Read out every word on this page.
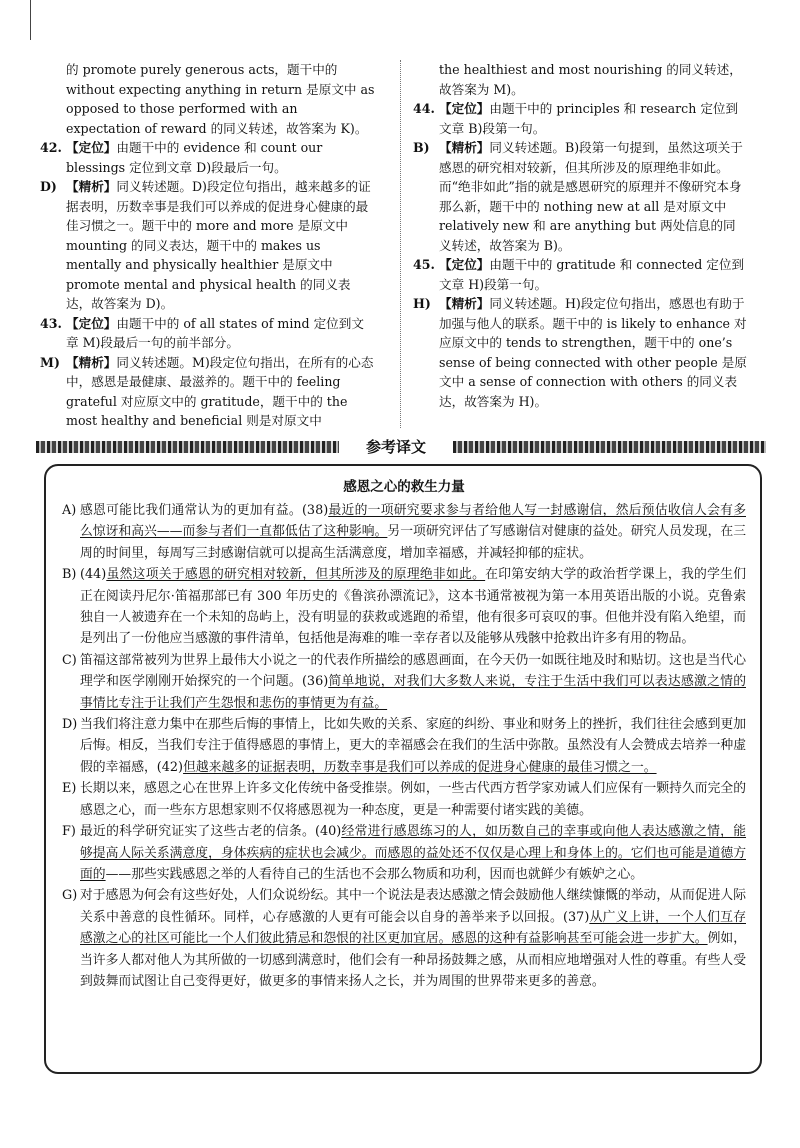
的 promote purely generous acts，题干中的 without expecting anything in return 是原文中 as opposed to those performed with an expectation of reward 的同义转述，故答案为 K)。

42. 【定位】由题干中的 evidence 和 count our blessings 定位到文章 D)段最后一句。

D) 【精析】同义转述题。D)段定位句指出，越来越多的证据表明，历数幸事是我们可以养成的促进身心健康的最佳习惯之一。题干中的 more and more 是原文中 mounting 的同义表达，题干中的 makes us mentally and physically healthier 是原文中 promote mental and physical health 的同义表达，故答案为 D)。

43. 【定位】由题干中的 of all states of mind 定位到文章 M)段最后一句的前半部分。

M) 【精析】同义转述题。M)段定位句指出，在所有的心态中，感恩是最健康、最滋养的。题干中的 feeling grateful 对应原文中的 gratitude，题干中的 the most healthy and beneficial 则是对原文中

the healthiest and most nourishing 的同义转述，故答案为 M)。

44. 【定位】由题干中的 principles 和 research 定位到文章 B)段第一句。

B) 【精析】同义转述题。B)段第一句提到，虽然这项关于感恩的研究相对较新，但其所涉及的原理绝非如此。而“绝非如此”指的就是感恩研究的原理并不像研究本身那么新，题干中的 nothing new at all 是对原文中 relatively new 和 are anything but 两处信息的同义转述，故答案为 B)。

45. 【定位】由题干中的 gratitude 和 connected 定位到文章 H)段第一句。

H) 【精析】同义转述题。H)段定位句指出，感恩也有助于加强与他人的联系。题干中的 is likely to enhance 对应原文中的 tends to strengthen，题干中的 one’s sense of being connected with other people 是原文中 a sense of connection with others 的同义表达，故答案为 H)。

参考译文
感恩之心的救生力量

A) 感恩可能比我们通常认为的更加有益。(38)最近的一项研究要求参与者给他人写一封感谢信，然后预估收信人会有多么惊讶和高兴——而参与者们一直都低估了这种影响。另一项研究评估了写感谢信对健康的益处。研究人员发现，在三周的时间里，每周写三封感谢信就可以提高生活满意度，增加幸福感，并减轻抑郁的症状。

B) (44)虽然这项关于感恩的研究相对较新，但其所涉及的原理绝非如此。在印第安纳大学的政治哲学课上，我的学生们正在阅读丹尼尔·笛福那部已有 300 年历史的《鲁滨孙漂流记》，这本书通常被视为第一本用英语出版的小说。克鲁索独自一人被遗弃在一个未知的岛屿上，没有明显的获救或逃跑的希望，他有很多可哀叹的事。但他并没有陷入绝望，而是列出了一份他应当感激的事件清单，包括他是海难的唯一幸存者以及能够从残骸中抢救出许多有用的物品。

C) 笛福这部常被列为世界上最伟大小说之一的代表作所描绘的感恩画面，在今天仍一如既往地及时和贴切。这也是当代心理学和医学刚刚开始探究的一个问题。(36)简单地说，对我们大多数人来说，专注于生活中我们可以表达感激之情的事情比专注于让我们产生怨恨和悲伤的事情更为有益。

D) 当我们将注意力集中在那些后悔的事情上，比如失败的关系、家庭的纠纷、事业和财务上的挫折，我们往往会感到更加后悔。相反，当我们专注于值得感恩的事情上，更大的幸福感会在我们的生活中弥散。虽然没有人会赞成去培养一种虚假的幸福感，(42)但越来越多的证据表明，历数幸事是我们可以养成的促进身心健康的最佳习惯之一。

E) 长期以来，感恩之心在世界上许多文化传统中备受推崇。例如，一些古代西方哲学家劝诫人们应保有一颗持久而完全的感恩之心，而一些东方思想家则不仅将感恩视为一种态度，更是一种需要付诸实践的美德。

F) 最近的科学研究证实了这些古老的信条。(40)经常进行感恩练习的人，如历数自己的幸事或向他人表达感激之情，能够提高人际关系满意度，身体疾病的症状也会减少。而感恩的益处还不仅仅是心理上和身体上的。它们也可能是道德方面的——那些实践感恩之举的人看待自己的生活也不会那么物质和功利，因而也就鲜少有嫉妒之心。

G) 对于感恩为何会有这些好处，人们众说纷纭。其中一个说法是表达感激之情会鼓励他人继续慷慨的举动，从而促进人际关系中善意的良性循环。同样，心存感激的人更有可能会以自身的善举来予以回报。(37)从广义上讲，一个人们互存感激之心的社区可能比一个人们彼此猜忌和怨恨的社区更加宜居。感恩的这种有益影响甚至可能会进一步扩大。例如，当许多人都对他人为其所做的一切感到满意时，他们会有一种昂扬鼓舞之感，从而相应地增强对人性的尊重。有些人受到鼓舞而试图让自己变得更好，做更多的事情来扬人之长，并为周围的世界带来更多的善意。
